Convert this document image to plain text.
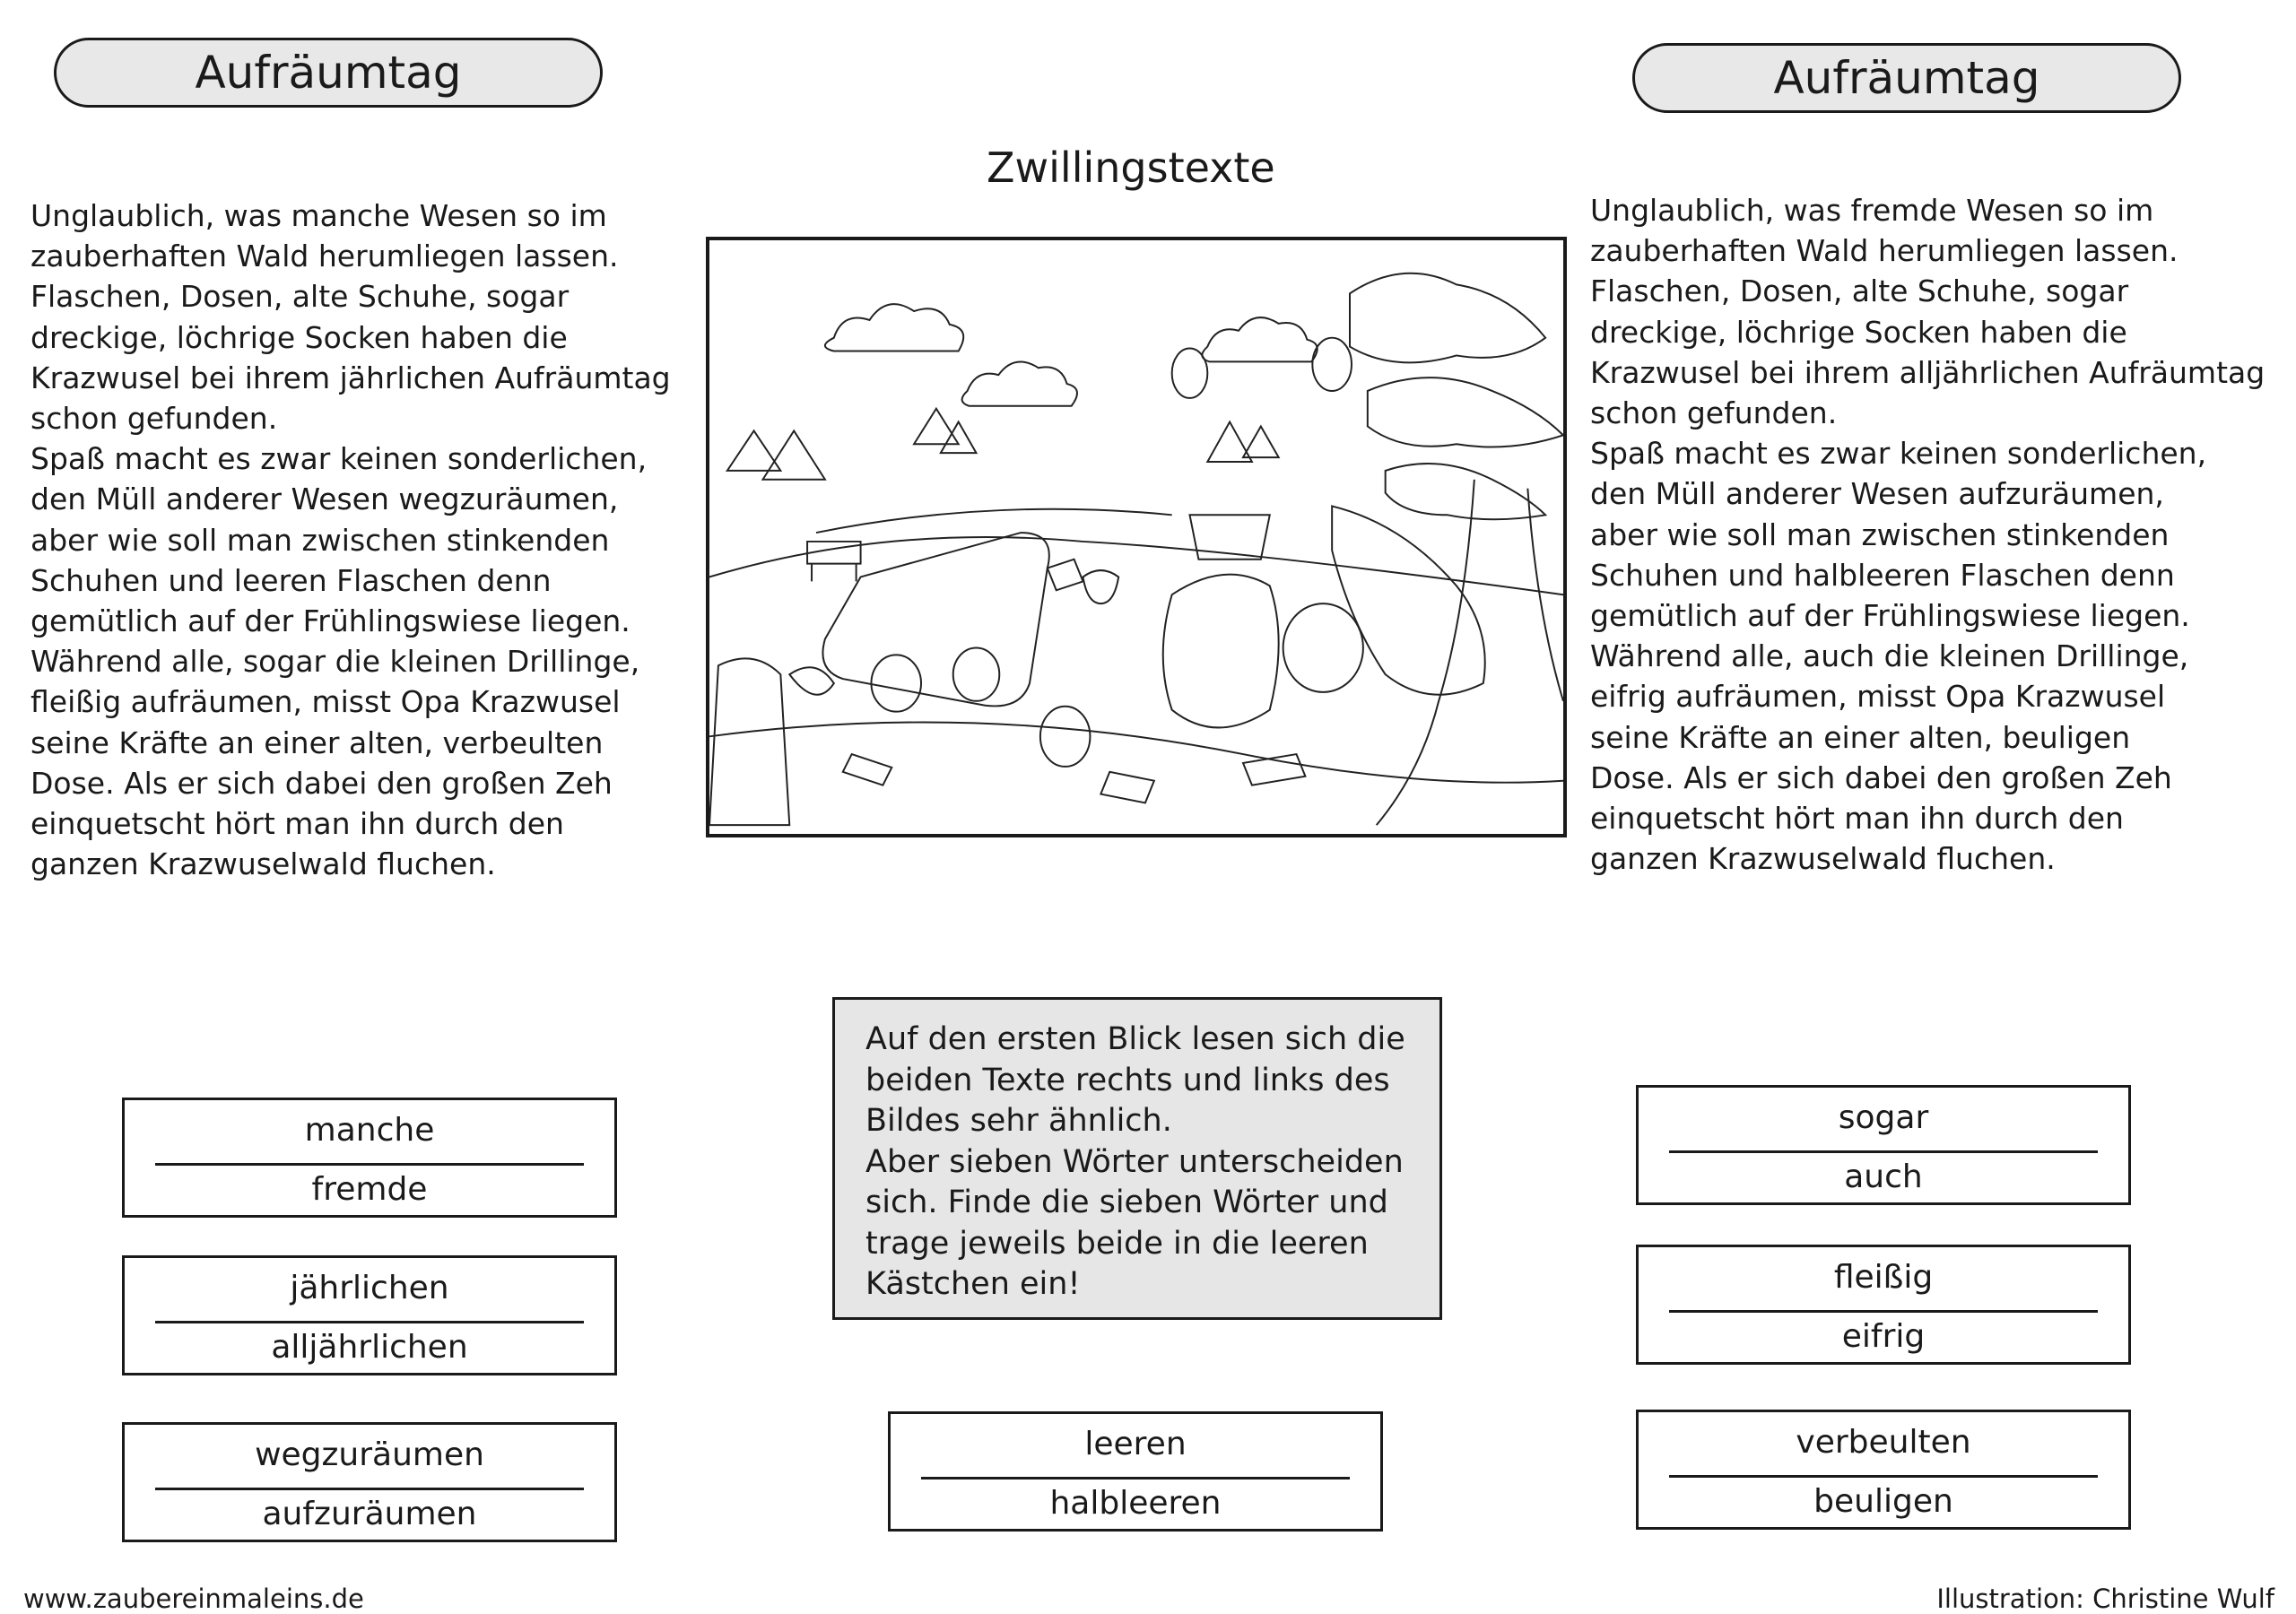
Aufräumtag	Aufräumtag
Zwillingstexte
Unglaublich, was manche Wesen so im
zauberhaften Wald herumliegen lassen.
Flaschen, Dosen, alte Schuhe, sogar
dreckige, löchrige Socken haben die
Krazwusel bei ihrem jährlichen Aufräumtag
schon gefunden.
Spaß macht es zwar keinen sonderlichen,
den Müll anderer Wesen wegzuräumen,
aber wie soll man zwischen stinkenden
Schuhen und leeren Flaschen denn
gemütlich auf der Frühlingswiese liegen.
Während alle, sogar die kleinen Drillinge,
fleißig aufräumen, misst Opa Krazwusel
seine Kräfte an einer alten, verbeulten
Dose. Als er sich dabei den großen Zeh
einquetscht hört man ihn durch den
ganzen Krazwuselwald fluchen.
Unglaublich, was fremde Wesen so im
zauberhaften Wald herumliegen lassen.
Flaschen, Dosen, alte Schuhe, sogar
dreckige, löchrige Socken haben die
Krazwusel bei ihrem alljährlichen Aufräumtag
schon gefunden.
Spaß macht es zwar keinen sonderlichen,
den Müll anderer Wesen aufzuräumen,
aber wie soll man zwischen stinkenden
Schuhen und halbleeren Flaschen denn
gemütlich auf der Frühlingswiese liegen.
Während alle, auch die kleinen Drillinge,
eifrig aufräumen, misst Opa Krazwusel
seine Kräfte an einer alten, beuligen
Dose. Als er sich dabei den großen Zeh
einquetscht hört man ihn durch den
ganzen Krazwuselwald fluchen.
Auf den ersten Blick lesen sich die
beiden Texte rechts und links des
Bildes sehr ähnlich.
Aber sieben Wörter unterscheiden
sich. Finde die sieben Wörter und
trage jeweils beide in die leeren
Kästchen ein!
manche
fremde
jährlichen
alljährlichen
wegzuräumen
aufzuräumen
leeren
halbleeren
sogar
auch
fleißig
eifrig
verbeulten
beuligen
www.zaubereinmaleins.de	Illustration: Christine Wulf
